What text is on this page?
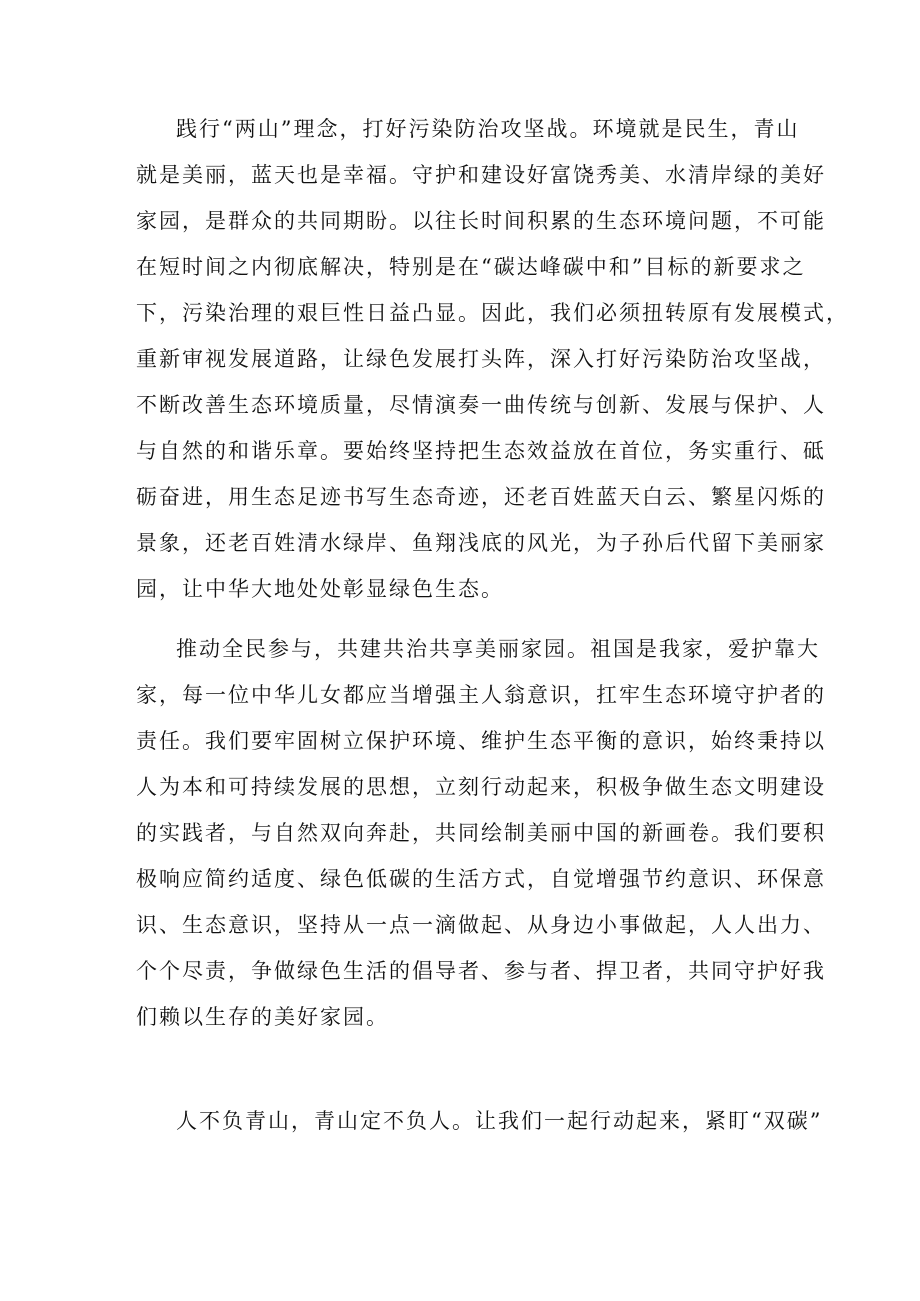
践行“两山”理念，打好污染防治攻坚战。环境就是民生，青山
就是美丽，蓝天也是幸福。守护和建设好富饶秀美、水清岸绿的美好
家园，是群众的共同期盼。以往长时间积累的生态环境问题，不可能
在短时间之内彻底解决，特别是在“碳达峰碳中和”目标的新要求之
下，污染治理的艰巨性日益凸显。因此，我们必须扭转原有发展模式，
重新审视发展道路，让绿色发展打头阵，深入打好污染防治攻坚战，
不断改善生态环境质量，尽情演奏一曲传统与创新、发展与保护、人
与自然的和谐乐章。要始终坚持把生态效益放在首位，务实重行、砥
砺奋进，用生态足迹书写生态奇迹，还老百姓蓝天白云、繁星闪烁的
景象，还老百姓清水绿岸、鱼翔浅底的风光，为子孙后代留下美丽家
园，让中华大地处处彰显绿色生态。
推动全民参与，共建共治共享美丽家园。祖国是我家，爱护靠大
家，每一位中华儿女都应当增强主人翁意识，扛牢生态环境守护者的
责任。我们要牢固树立保护环境、维护生态平衡的意识，始终秉持以
人为本和可持续发展的思想，立刻行动起来，积极争做生态文明建设
的实践者，与自然双向奔赴，共同绘制美丽中国的新画卷。我们要积
极响应简约适度、绿色低碳的生活方式，自觉增强节约意识、环保意
识、生态意识，坚持从一点一滴做起、从身边小事做起，人人出力、
个个尽责，争做绿色生活的倡导者、参与者、捍卫者，共同守护好我
们赖以生存的美好家园。
人不负青山，青山定不负人。让我们一起行动起来，紧盯“双碳”
